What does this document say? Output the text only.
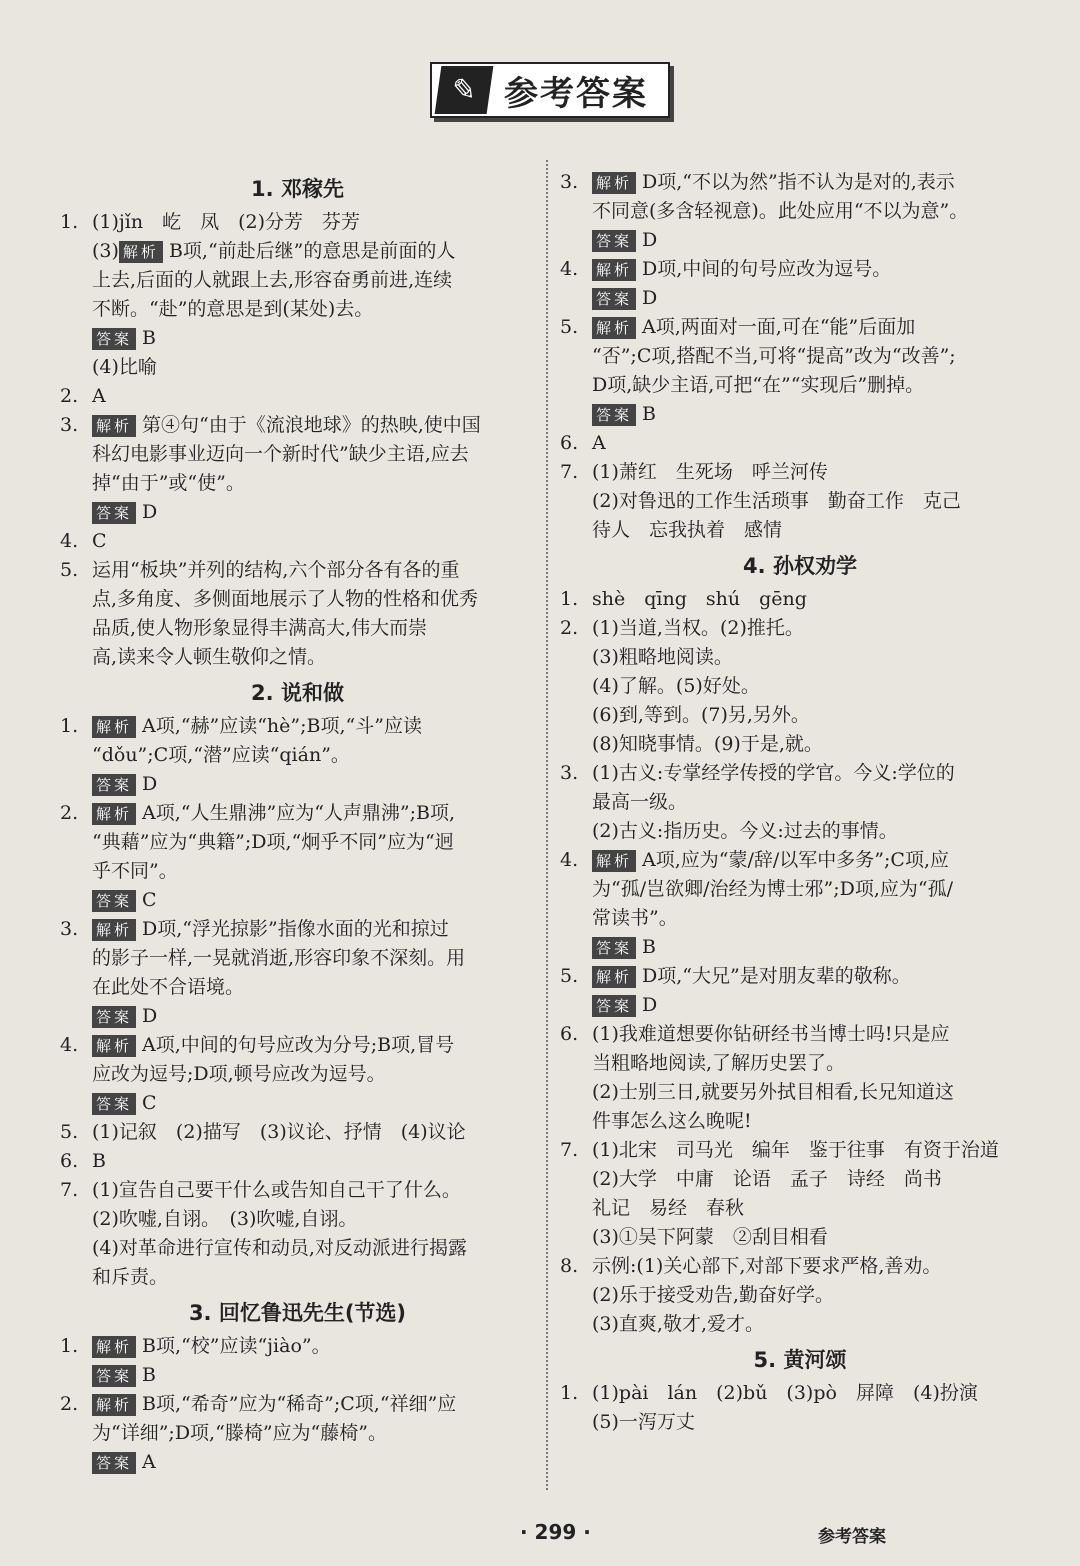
✎ 参考答案
1. 邓稼先
1. (1)jǐn　屹　凤　(2)分芳　芬芳
(3) 解析 B项,“前赴后继”的意思是前面的人
上去,后面的人就跟上去,形容奋勇前进,连续
不断。“赴”的意思是到(某处)去。
答案 B
(4)比喻
2. A
3.	解析 第④句“由于《流浪地球》的热映,使中国
科幻电影事业迈向一个新时代”缺少主语,应去
掉“由于”或“使”。
答案 D
4. C
5. 运用“板块”并列的结构,六个部分各有各的重
点,多角度、多侧面地展示了人物的性格和优秀
品质,使人物形象显得丰满高大,伟大而崇
高,读来令人顿生敬仰之情。
2. 说和做
1.	解析 A项,“赫”应读“hè”;B项,“斗”应读
“dǒu”;C项,“潜”应读“qián”。
答案 D
2.	解析 A项,“人生鼎沸”应为“人声鼎沸”;B项,
“典藉”应为“典籍”;D项,“炯乎不同”应为“迥
乎不同”。
答案 C
3.	解析 D项,“浮光掠影”指像水面的光和掠过
的影子一样,一晃就消逝,形容印象不深刻。用
在此处不合语境。
答案 D
4.	解析 A项,中间的句号应改为分号;B项,冒号
应改为逗号;D项,顿号应改为逗号。
答案 C
5. (1)记叙　(2)描写　(3)议论、抒情　(4)议论
6. B
7. (1)宣告自己要干什么或告知自己干了什么。
(2)吹嘘,自诩。　(3)吹嘘,自诩。
(4)对革命进行宣传和动员,对反动派进行揭露
和斥责。
3. 回忆鲁迅先生(节选)
1.	解析 B项,“校”应读“jiào”。
答案 B
2.	解析 B项,“希奇”应为“稀奇”;C项,“祥细”应
为“详细”;D项,“滕椅”应为“藤椅”。
答案 A
3.	解析 D项,“不以为然”指不认为是对的,表示
不同意(多含轻视意)。此处应用“不以为意”。
答案 D
4.	解析 D项,中间的句号应改为逗号。
答案 D
5.	解析 A项,两面对一面,可在“能”后面加
“否”;C项,搭配不当,可将“提高”改为“改善”;
D项,缺少主语,可把“在”“实现后”删掉。
答案 B
6. A
7. (1)萧红　生死场　呼兰河传
(2)对鲁迅的工作生活琐事　勤奋工作　克己
待人　忘我执着　感情
4. 孙权劝学
1. shè　qīng　shú　gēng
2. (1)当道,当权。(2)推托。
(3)粗略地阅读。
(4)了解。(5)好处。
(6)到,等到。(7)另,另外。
(8)知晓事情。(9)于是,就。
3. (1)古义:专掌经学传授的学官。今义:学位的
最高一级。
(2)古义:指历史。今义:过去的事情。
4.	解析 A项,应为“蒙/辞/以军中多务”;C项,应
为“孤/岂欲卿/治经为博士邪”;D项,应为“孤/
常读书”。
答案 B
5.	解析 D项,“大兄”是对朋友辈的敬称。
答案 D
6. (1)我难道想要你钻研经书当博士吗!只是应
当粗略地阅读,了解历史罢了。
(2)士别三日,就要另外拭目相看,长兄知道这
件事怎么这么晚呢!
7. (1)北宋　司马光　编年　鉴于往事　有资于治道
(2)大学　中庸　论语　孟子　诗经　尚书
礼记　易经　春秋
(3)①吴下阿蒙　②刮目相看
8. 示例:(1)关心部下,对部下要求严格,善劝。
(2)乐于接受劝告,勤奋好学。
(3)直爽,敬才,爱才。
5. 黄河颂
1. (1)pài　lán　(2)bǔ　(3)pò　屏障　(4)扮演
(5)一泻万丈
· 299 ·	参考答案
